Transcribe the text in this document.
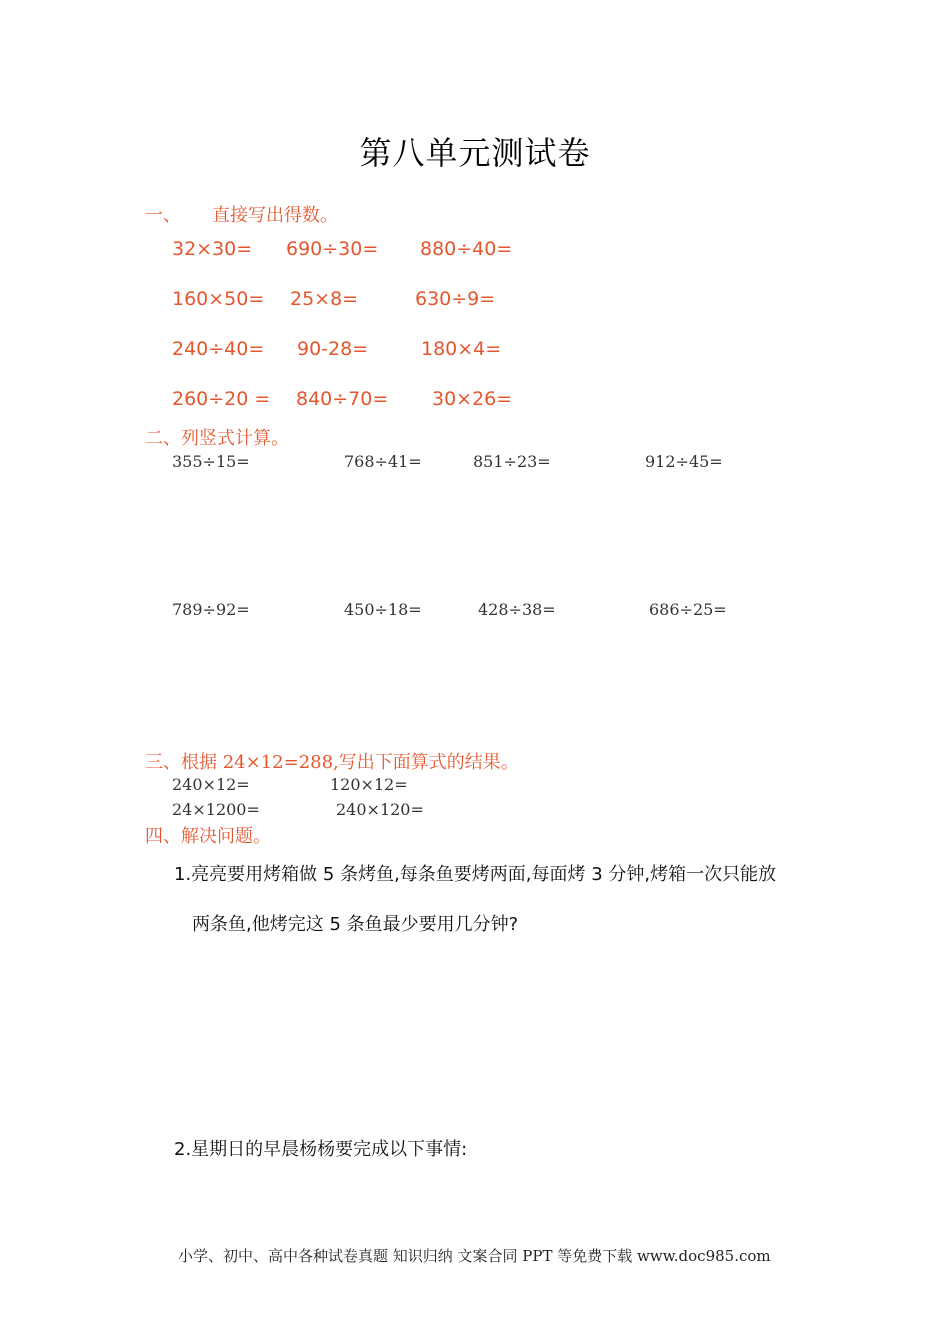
第八单元测试卷
一、 直接写出得数。
32×30= 690÷30= 880÷40=
160×50= 25×8=	630÷9=
240÷40= 90-28=	180×4=
260÷20 = 840÷70= 30×26=
二、列竖式计算。
355÷15=	768÷41=	851÷23=	912÷45=
789÷92=	450÷18=	428÷38=	686÷25=
三、根据 24×12=288,写出下面算式的结果。
240×12=	120×12=
24×1200=	240×120=
四、解决问题。
1.亮亮要用烤箱做 5 条烤鱼,每条鱼要烤两面,每面烤 3 分钟,烤箱一次只能放
两条鱼,他烤完这 5 条鱼最少要用几分钟?
2.星期日的早晨杨杨要完成以下事情:
小学、初中、高中各种试卷真题 知识归纳 文案合同 PPT 等免费下载 www.doc985.com
